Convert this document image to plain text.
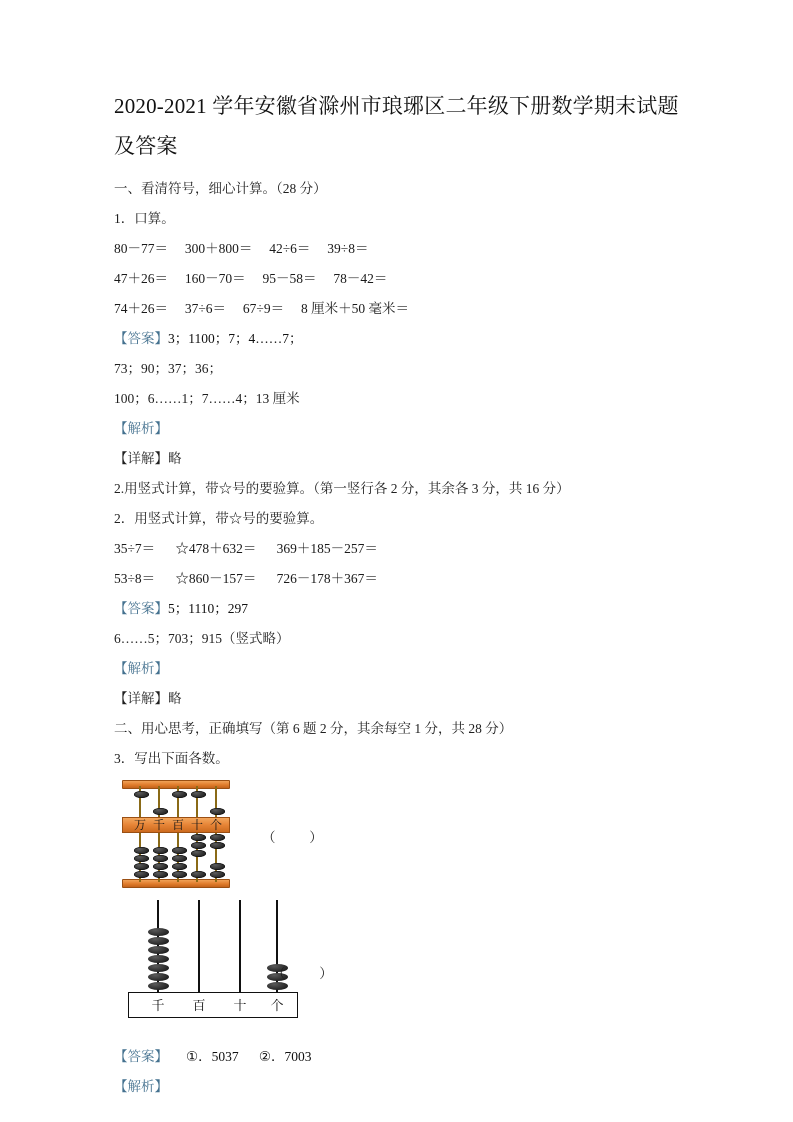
2020-2021 学年安徽省滁州市琅琊区二年级下册数学期末试题及答案
一、看清符号，细心计算。（28 分）
1．口算。
80－77＝     300＋800＝     42÷6＝     39÷8＝
47＋26＝     160－70＝     95－58＝     78－42＝
74＋26＝     37÷6＝     67÷9＝     8 厘米＋50 毫米＝
【答案】3；1100；7；4……7；
73；90；37；36；
100；6……1；7……4；13 厘米
【解析】
【详解】略
2.用竖式计算，带☆号的要验算。（第一竖行各 2 分，其余各 3 分，共 16 分）
2．用竖式计算，带☆号的要验算。
35÷7＝      ☆478＋632＝      369＋185－257＝
53÷8＝      ☆860－157＝      726－178＋367＝
【答案】5；1110；297
6……5；703；915（竖式略）
【解析】
【详解】略
二、用心思考，正确填写（第 6 题 2 分，其余每空 1 分，共 28 分）
3．写出下面各数。
万 千 百 十 个
（          ）
千 百 十 个
（          ）
【答案】 ①．5037      ②．7003
【解析】
